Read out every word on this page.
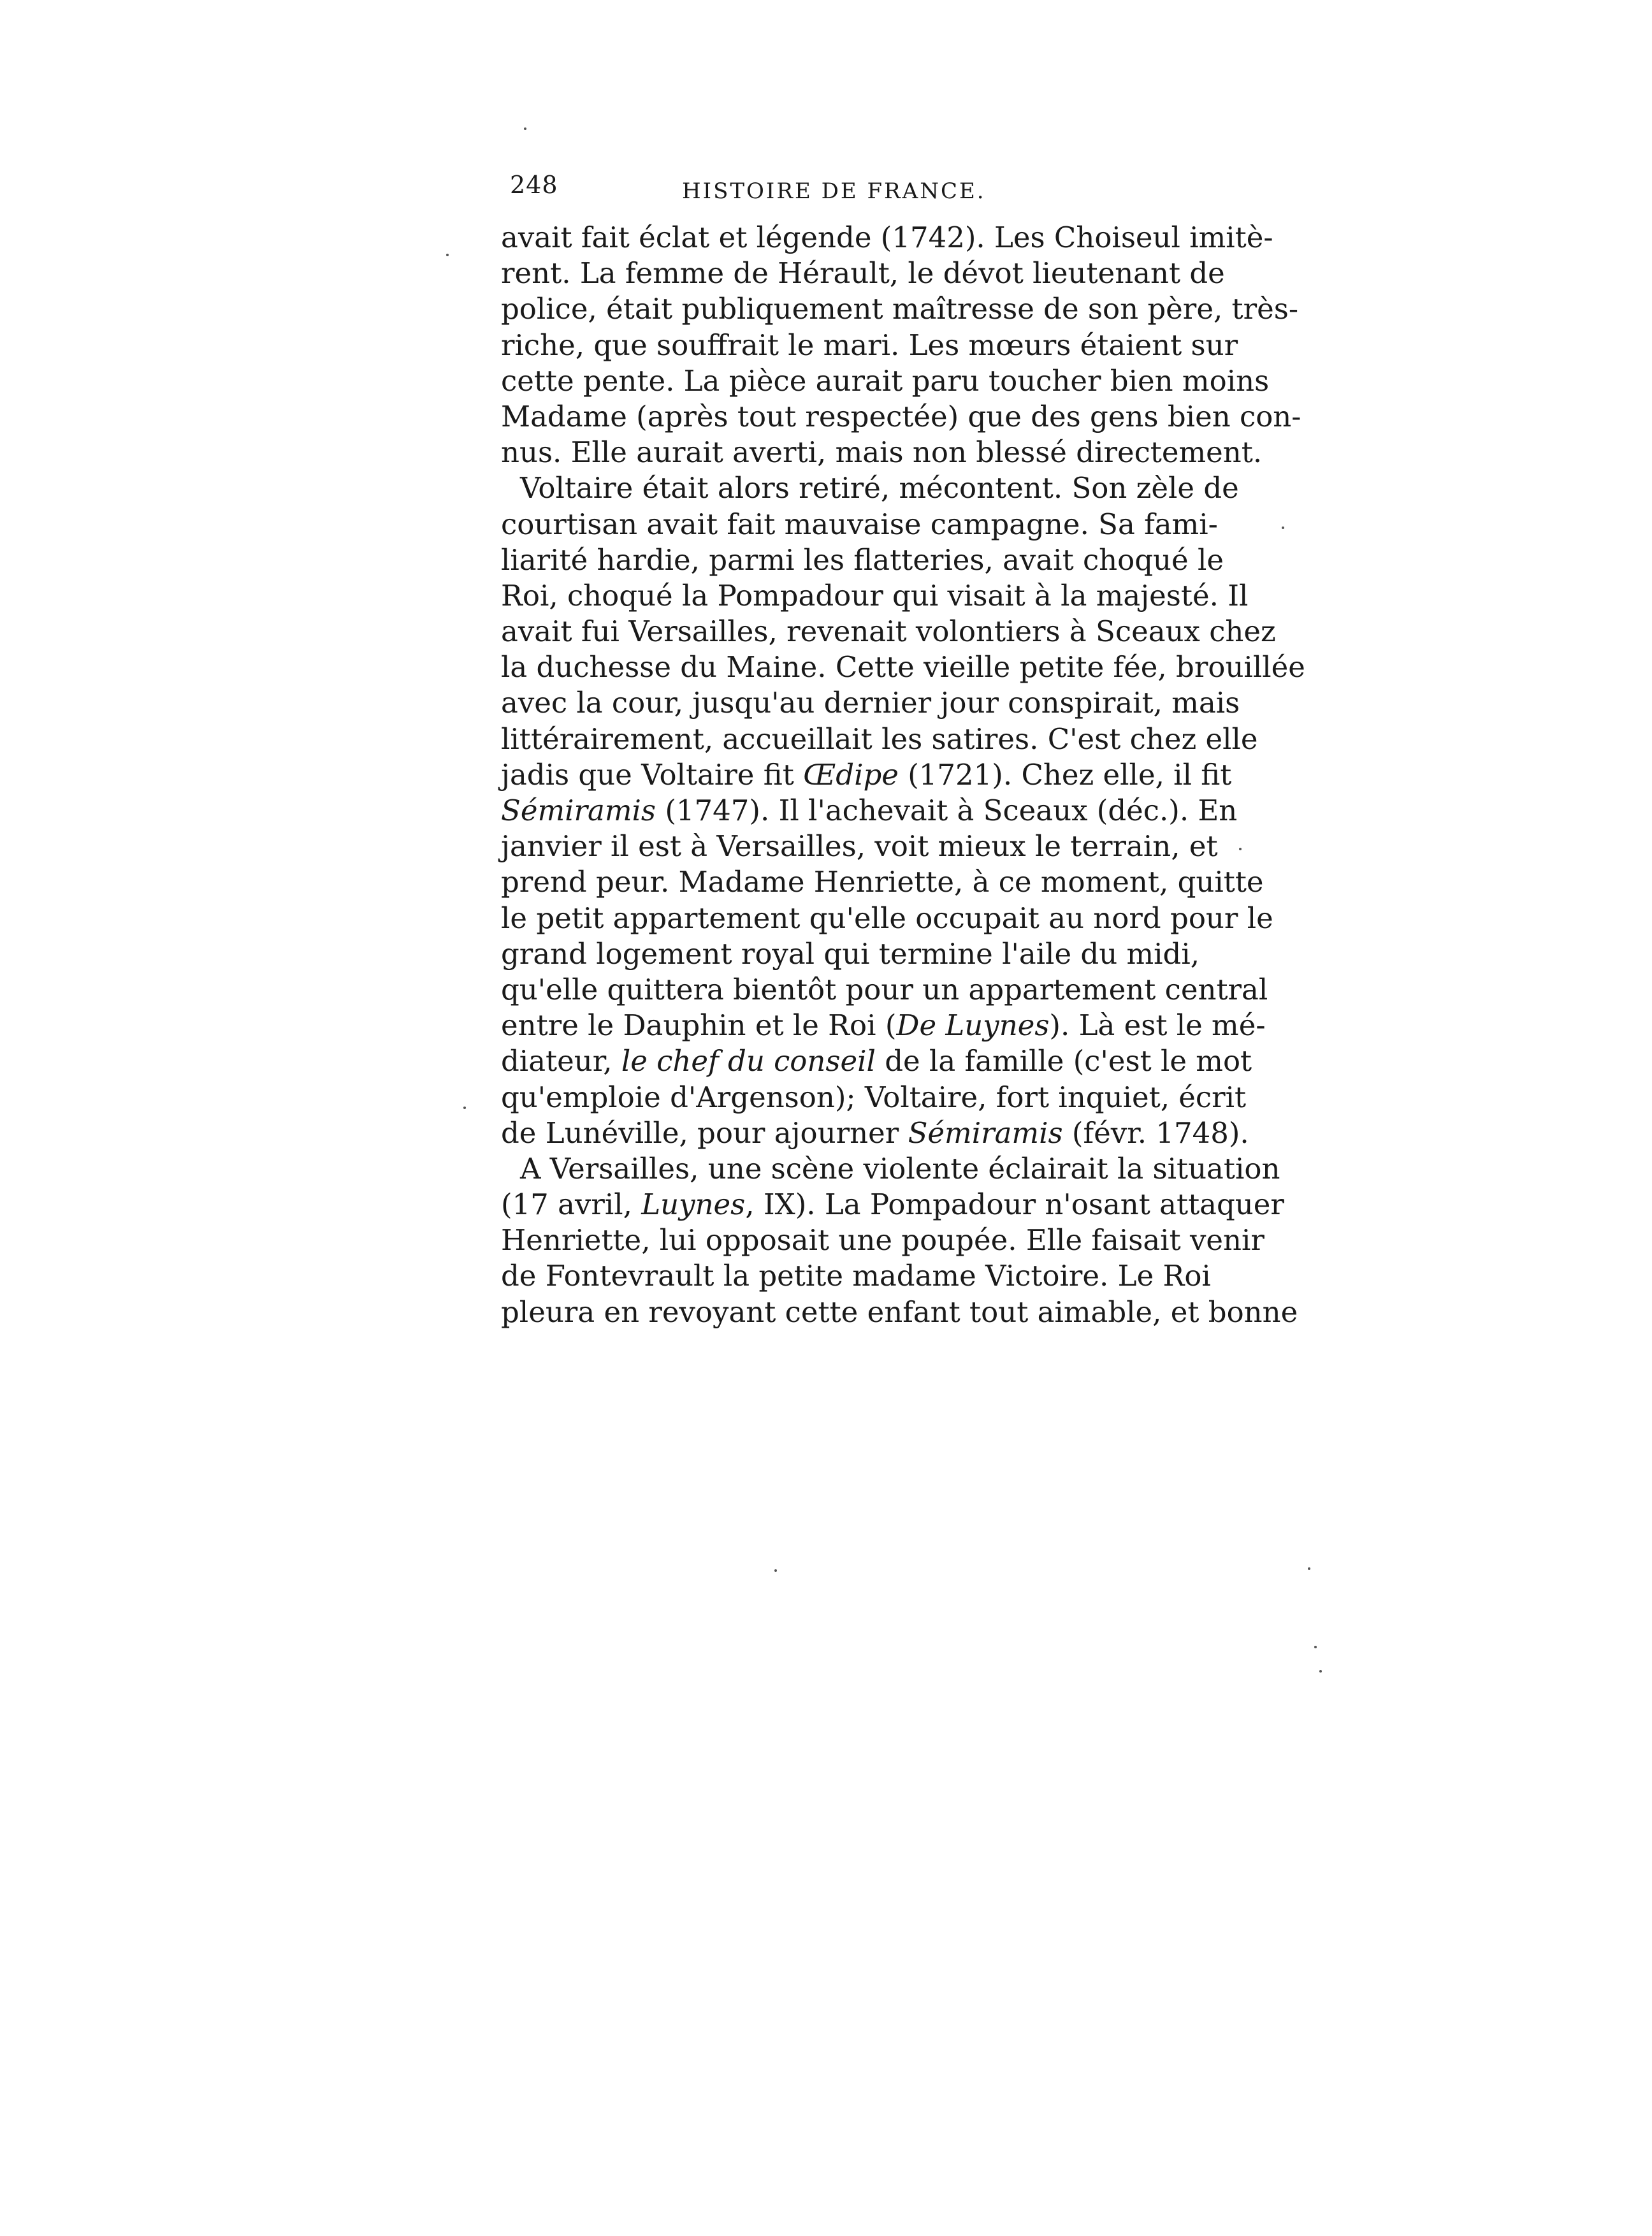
248	HISTOIRE DE FRANCE.
avait fait éclat et légende (1742). Les Choiseul imitè-
rent. La femme de Hérault, le dévot lieutenant de
police, était publiquement maîtresse de son père, très-
riche, que souffrait le mari. Les mœurs étaient sur
cette pente. La pièce aurait paru toucher bien moins
Madame (après tout respectée) que des gens bien con-
nus. Elle aurait averti, mais non blessé directement.
Voltaire était alors retiré, mécontent. Son zèle de
courtisan avait fait mauvaise campagne. Sa fami-
liarité hardie, parmi les flatteries, avait choqué le
Roi, choqué la Pompadour qui visait à la majesté. Il
avait fui Versailles, revenait volontiers à Sceaux chez
la duchesse du Maine. Cette vieille petite fée, brouillée
avec la cour, jusqu'au dernier jour conspirait, mais
littérairement, accueillait les satires. C'est chez elle
jadis que Voltaire fit Œdipe (1721). Chez elle, il fit
Sémiramis (1747). Il l'achevait à Sceaux (déc.). En
janvier il est à Versailles, voit mieux le terrain, et
prend peur. Madame Henriette, à ce moment, quitte
le petit appartement qu'elle occupait au nord pour le
grand logement royal qui termine l'aile du midi,
qu'elle quittera bientôt pour un appartement central
entre le Dauphin et le Roi (De Luynes). Là est le mé-
diateur, le chef du conseil de la famille (c'est le mot
qu'emploie d'Argenson); Voltaire, fort inquiet, écrit
de Lunéville, pour ajourner Sémiramis (févr. 1748).
A Versailles, une scène violente éclairait la situation
(17 avril, Luynes, IX). La Pompadour n'osant attaquer
Henriette, lui opposait une poupée. Elle faisait venir
de Fontevrault la petite madame Victoire. Le Roi
pleura en revoyant cette enfant tout aimable, et bonne
